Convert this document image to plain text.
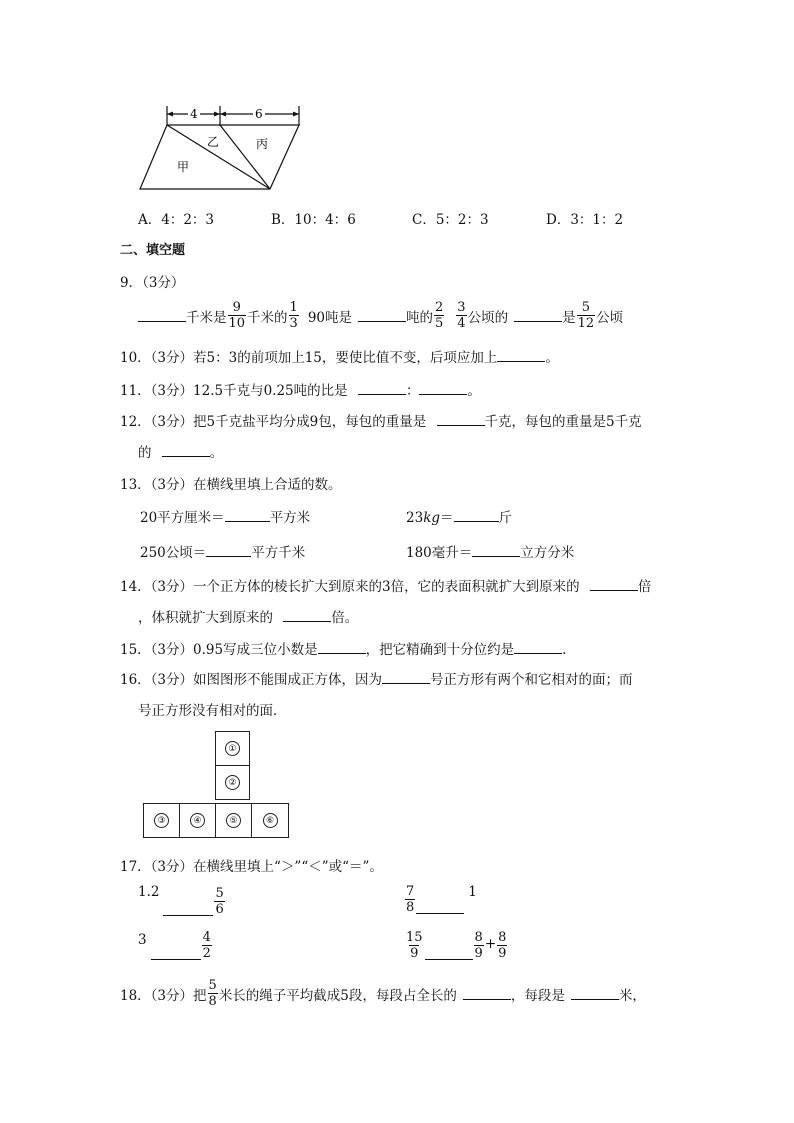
4	6
乙	丙
甲
A．4：2：3	B．10：4：6	C．5：2：3	D．3：1：2
二、填空题
9．（3分）
千米是 $\frac{9}{10}$ 千米的 $\frac{1}{3} 90$吨是	吨的 $\frac{2}{5} \frac{3}{4}$ 公顷的	是 $\frac{5}{12}$ 公顷
10．（3分）若5：3的前项加上15，要使比值不变，后项应加上	。
11．（3分）12.5千克与0.25吨的比是	：	。
12．（3分）把5千克盐平均分成9包，每包的重量是	千克，每包的重量是5千克
的	。
13．（3分）在横线里填上合适的数。
20平方厘米＝	平方米	23kg＝	斤
250公顷＝	平方千米	180毫升＝	立方分米
14．（3分）一个正方体的棱长扩大到原来的3倍，它的表面积就扩大到原来的	倍
，体积就扩大到原来的	倍。
15．（3分）0.95写成三位小数是	，把它精确到十分位约是	.
16．（3分）如图图形不能围成正方体，因为	号正方形有两个和它相对的面；而
号正方形没有相对的面．
①
②
③	④	⑤	⑥
17．（3分）在横线里填上“＞”“＜”或“＝”。
1.2	$\frac{5}{6}$	$\frac{7}{8}$	1
3	$\frac{4}{2}$	$\frac{15}{9}$	$\frac{8}{9} + \frac{8}{9}$
18．（3分）把 $\frac{5}{8}$ 米长的绳子平均截成5段，每段占全长的	，每段是	米，
